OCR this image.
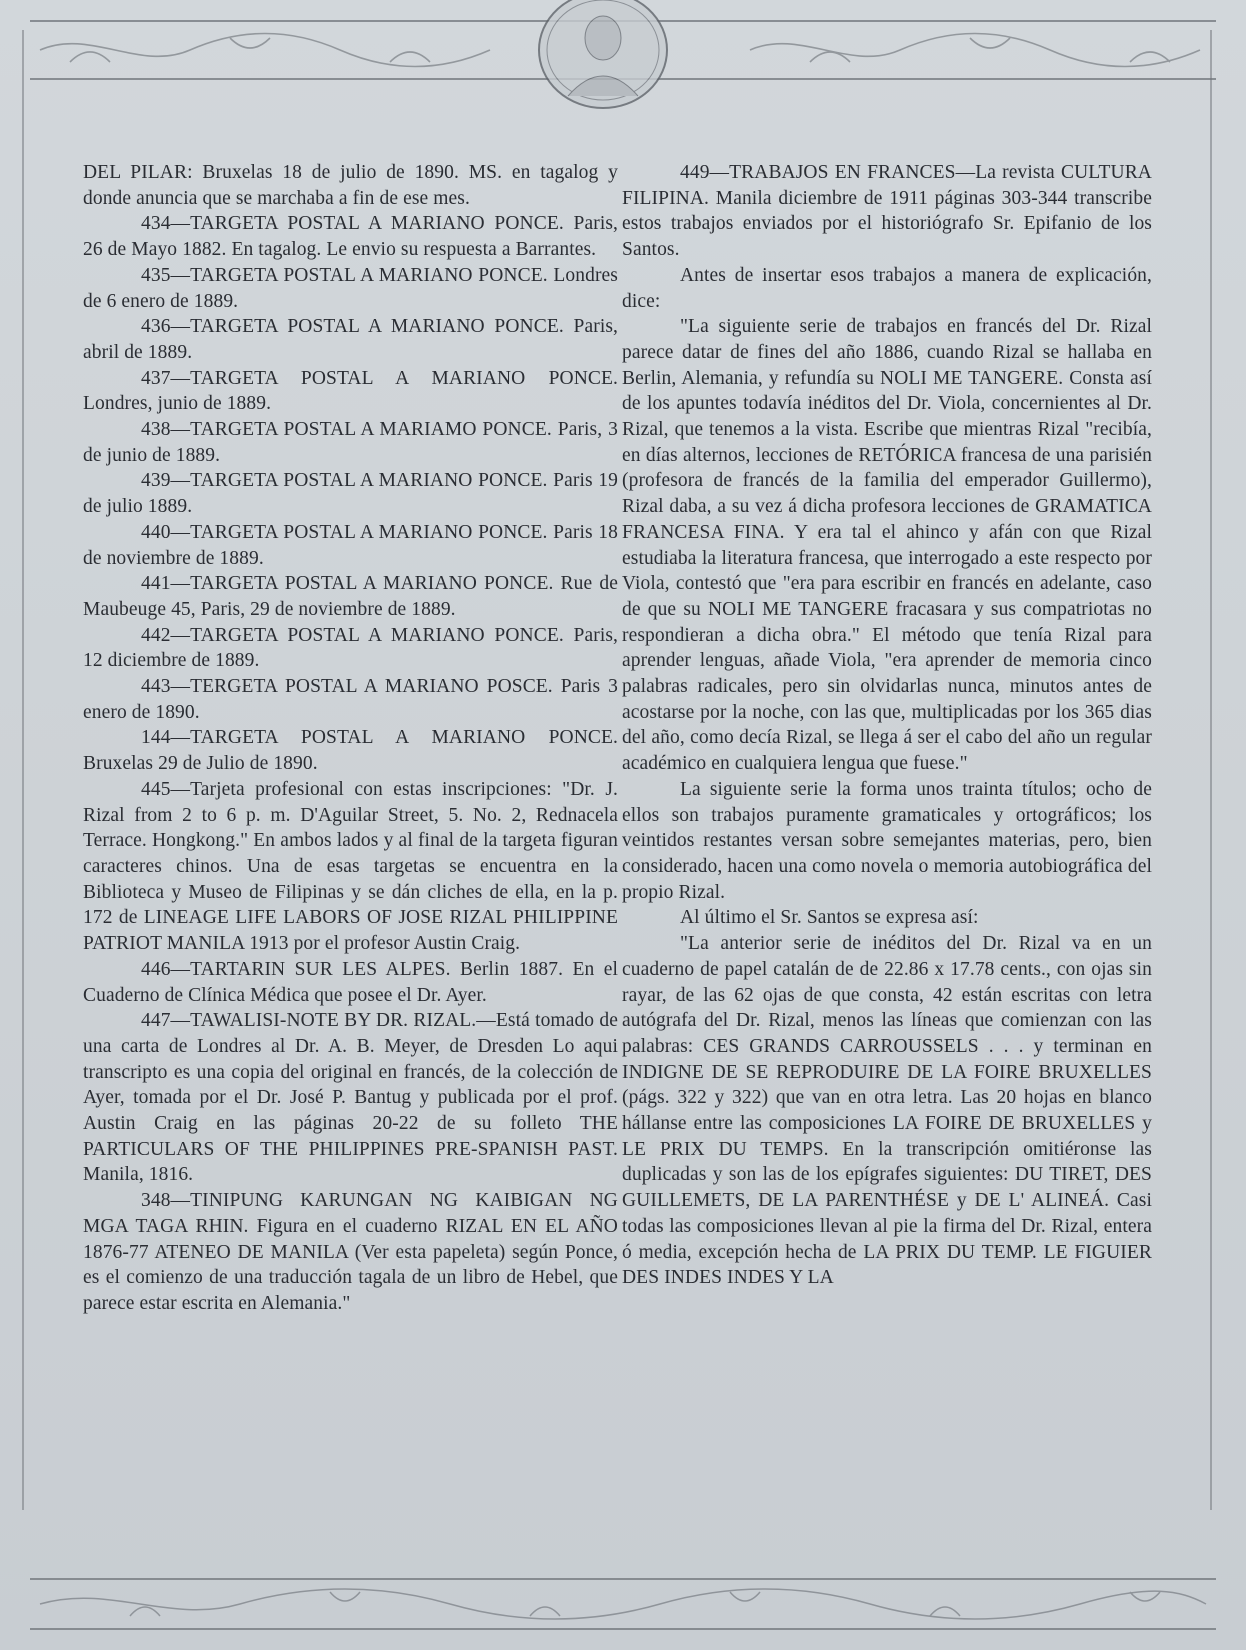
DEL PILAR: Bruxelas 18 de julio de 1890. MS. en tagalog y donde anuncia que se marchaba a fin de ese mes.

434—TARGETA POSTAL A MARIANO PONCE. Paris, 26 de Mayo 1882. En tagalog. Le envio su respuesta a Barrantes.

435—TARGETA POSTAL A MARIANO PONCE. Londres de 6 enero de 1889.

436—TARGETA POSTAL A MARIANO PONCE. Paris, abril de 1889.

437—TARGETA POSTAL A MARIANO PONCE. Londres, junio de 1889.

438—TARGETA POSTAL A MARIAMO PONCE. Paris, 3 de junio de 1889.

439—TARGETA POSTAL A MARIANO PONCE. Paris 19 de julio 1889.

440—TARGETA POSTAL A MARIANO PONCE. Paris 18 de noviembre de 1889.

441—TARGETA POSTAL A MARIANO PONCE. Rue de Maubeuge 45, Paris, 29 de noviembre de 1889.

442—TARGETA POSTAL A MARIANO PONCE. Paris, 12 diciembre de 1889.

443—TERGETA POSTAL A MARIANO POSCE. Paris 3 enero de 1890.

144—TARGETA POSTAL A MARIANO PONCE. Bruxelas 29 de Julio de 1890.

445—Tarjeta profesional con estas inscripciones: "Dr. J. Rizal from 2 to 6 p. m. D'Aguilar Street, 5. No. 2, Rednacela Terrace. Hongkong." En ambos lados y al final de la targeta figuran caracteres chinos. Una de esas targetas se encuentra en la Biblioteca y Museo de Filipinas y se dán cliches de ella, en la p. 172 de LINEAGE LIFE LABORS OF JOSE RIZAL PHILIPPINE PATRIOT MANILA 1913 por el profesor Austin Craig.

446—TARTARIN SUR LES ALPES. Berlin 1887. En el Cuaderno de Clínica Médica que posee el Dr. Ayer.

447—TAWALISI-NOTE BY DR. RIZAL.—Está tomado de una carta de Londres al Dr. A. B. Meyer, de Dresden Lo aqui transcripto es una copia del original en francés, de la colección de Ayer, tomada por el Dr. José P. Bantug y publicada por el prof. Austin Craig en las páginas 20-22 de su folleto THE PARTICULARS OF THE PHILIPPINES PRE-SPANISH PAST. Manila, 1816.

348—TINIPUNG KARUNGAN NG KAIBIGAN NG MGA TAGA RHIN. Figura en el cuaderno RIZAL EN EL AÑO 1876-77 ATENEO DE MANILA (Ver esta papeleta) según Ponce, es el comienzo de una traducción tagala de un libro de Hebel, que parece estar escrita en Alemania."

449—TRABAJOS EN FRANCES—La revista CULTURA FILIPINA. Manila diciembre de 1911 páginas 303-344 transcribe estos trabajos enviados por el historiógrafo Sr. Epifanio de los Santos.

Antes de insertar esos trabajos a manera de explicación, dice:

"La siguiente serie de trabajos en francés del Dr. Rizal parece datar de fines del año 1886, cuando Rizal se hallaba en Berlin, Alemania, y refundía su NOLI ME TANGERE. Consta así de los apuntes todavía inéditos del Dr. Viola, concernientes al Dr. Rizal, que tenemos a la vista. Escribe que mientras Rizal "recibía, en días alternos, lecciones de RETÓRICA francesa de una parisién (profesora de francés de la familia del emperador Guillermo), Rizal daba, a su vez á dicha profesora lecciones de GRAMATICA FRANCESA FINA. Y era tal el ahinco y afán con que Rizal estudiaba la literatura francesa, que interrogado a este respecto por Viola, contestó que "era para escribir en francés en adelante, caso de que su NOLI ME TANGERE fracasara y sus compatriotas no respondieran a dicha obra." El método que tenía Rizal para aprender lenguas, añade Viola, "era aprender de memoria cinco palabras radicales, pero sin olvidarlas nunca, minutos antes de acostarse por la noche, con las que, multiplicadas por los 365 dias del año, como decía Rizal, se llega á ser el cabo del año un regular académico en cualquiera lengua que fuese."

La siguiente serie la forma unos trainta títulos; ocho de ellos son trabajos puramente gramaticales y ortográficos; los veintidos restantes versan sobre semejantes materias, pero, bien considerado, hacen una como novela o memoria autobiográfica del propio Rizal.

Al último el Sr. Santos se expresa así:

"La anterior serie de inéditos del Dr. Rizal va en un cuaderno de papel catalán de de 22.86 x 17.78 cents., con ojas sin rayar, de las 62 ojas de que consta, 42 están escritas con letra autógrafa del Dr. Rizal, menos las líneas que comienzan con las palabras: CES GRANDS CARROUSSELS . . . y terminan en INDIGNE DE SE REPRODUIRE DE LA FOIRE BRUXELLES (págs. 322 y 322) que van en otra letra. Las 20 hojas en blanco hállanse entre las composiciones LA FOIRE DE BRUXELLES y LE PRIX DU TEMPS. En la transcripción omitiéronse las duplicadas y son las de los epígrafes siguientes: DU TIRET, DES GUILLEMETS, DE LA PARENTHÉSE y DE L' ALINEÁ. Casi todas las composiciones llevan al pie la firma del Dr. Rizal, entera ó media, excepción hecha de LA PRIX DU TEMP. LE FIGUIER DES INDES INDES Y LA
